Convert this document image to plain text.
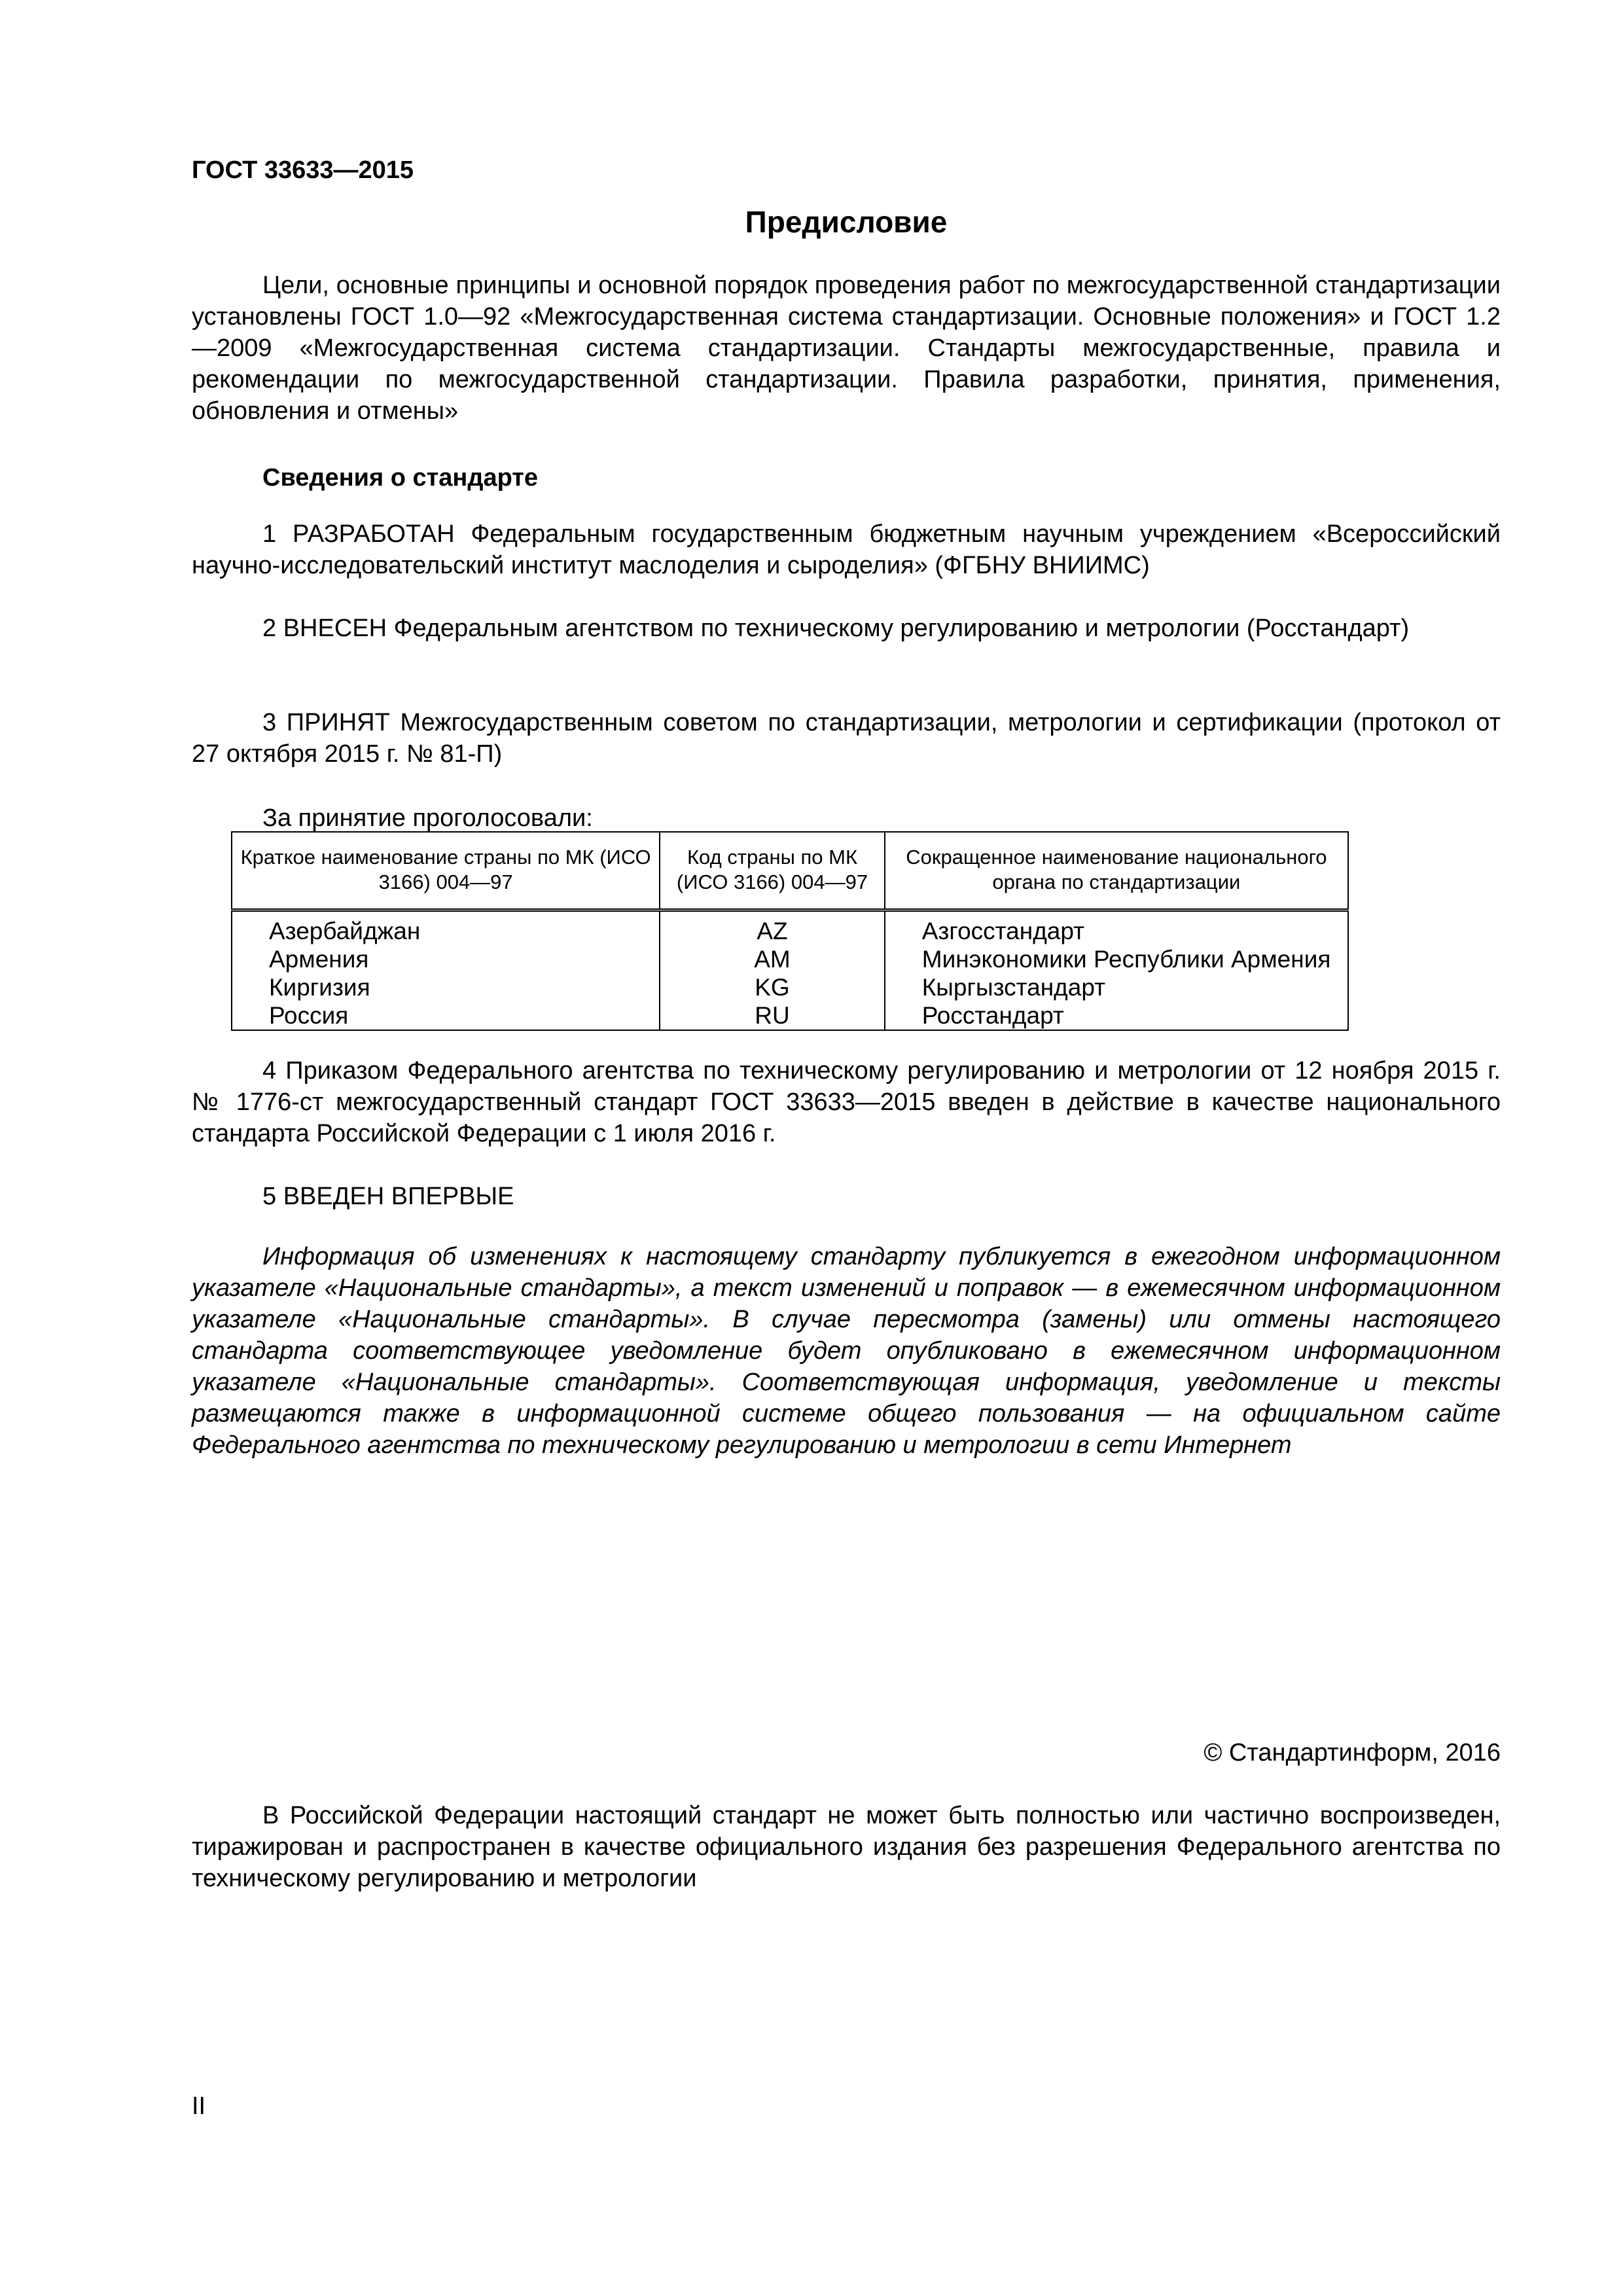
ГОСТ 33633—2015
Предисловие

Цели, основные принципы и основной порядок проведения работ по межгосударственной стандартизации установлены ГОСТ 1.0—92 «Межгосударственная система стандартизации. Основные положения» и ГОСТ 1.2—2009 «Межгосударственная система стандартизации. Стандарты межгосударственные, правила и рекомендации по межгосударственной стандартизации. Правила разработки, принятия, применения, обновления и отмены»

Сведения о стандарте

1 РАЗРАБОТАН Федеральным государственным бюджетным научным учреждением «Всероссийский научно-исследовательский институт маслоделия и сыроделия» (ФГБНУ ВНИИМС)

2 ВНЕСЕН Федеральным агентством по техническому регулированию и метрологии (Росстандарт)

3 ПРИНЯТ Межгосударственным советом по стандартизации, метрологии и сертификации (протокол от 27 октября 2015 г. № 81-П)

За принятие проголосовали:
Краткое наименование страны по МК (ИСО 3166) 004—97	Код страны по МК (ИСО 3166) 004—97	Сокращенное наименование национального органа по стандартизации
Азербайджан	AZ	Азгосстандарт
Армения	AM	Минэкономики Республики Армения
Киргизия	KG	Кыргызстандарт
Россия	RU	Росстандарт

4 Приказом Федерального агентства по техническому регулированию и метрологии от 12 ноября 2015 г. № 1776-ст межгосударственный стандарт ГОСТ 33633—2015 введен в действие в качестве национального стандарта Российской Федерации с 1 июля 2016 г.

5 ВВЕДЕН ВПЕРВЫЕ

Информация об изменениях к настоящему стандарту публикуется в ежегодном информационном указателе «Национальные стандарты», а текст изменений и поправок — в ежемесячном информационном указателе «Национальные стандарты». В случае пересмотра (замены) или отмены настоящего стандарта соответствующее уведомление будет опубликовано в ежемесячном информационном указателе «Национальные стандарты». Соответствующая информация, уведомление и тексты размещаются также в информационной системе общего пользования — на официальном сайте Федерального агентства по техническому регулированию и метрологии в сети Интернет

© Стандартинформ, 2016

В Российской Федерации настоящий стандарт не может быть полностью или частично воспроизведен, тиражирован и распространен в качестве официального издания без разрешения Федерального агентства по техническому регулированию и метрологии

II
